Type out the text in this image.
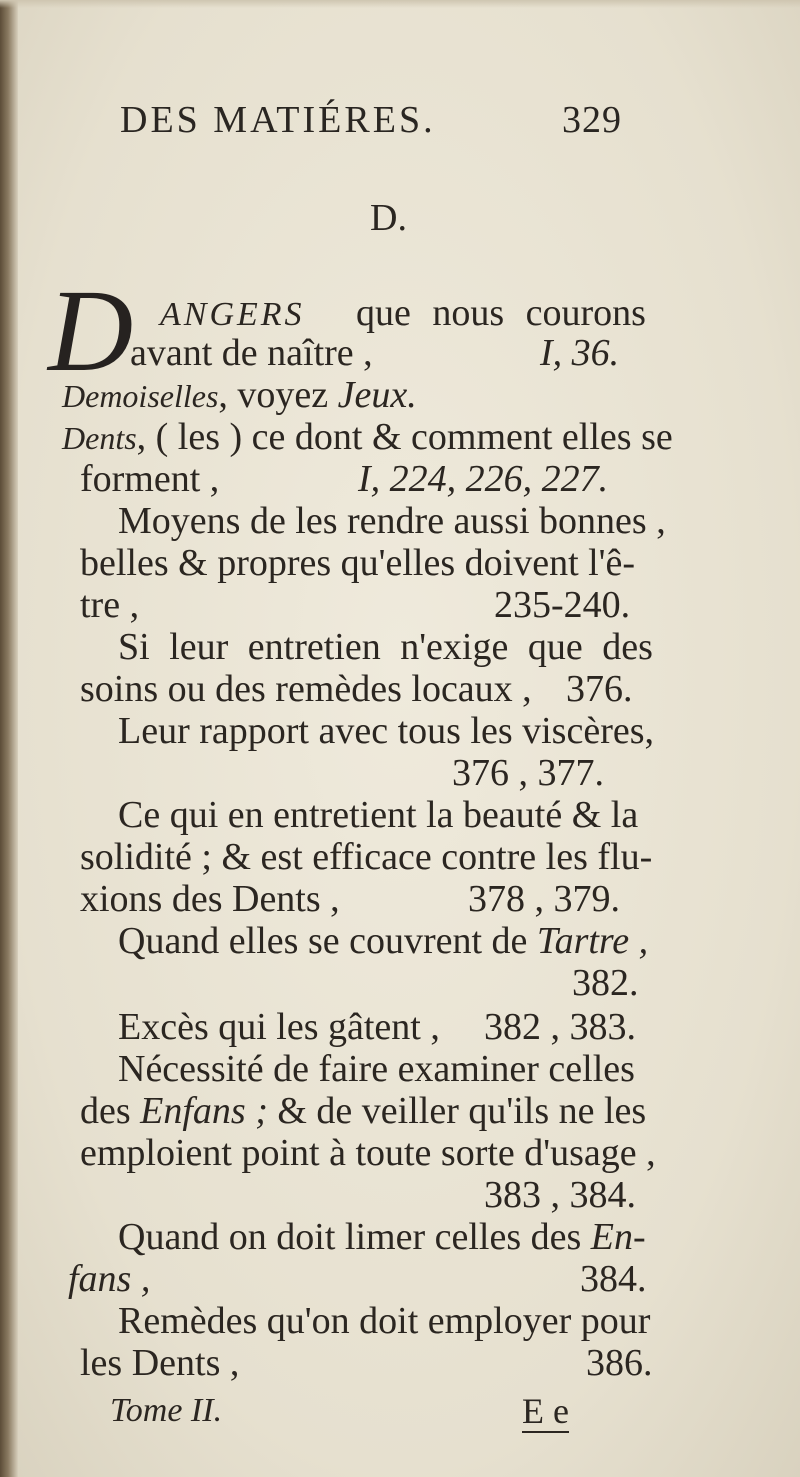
DES MATIÉRES.	329
D.
D ANGERS que nous courons
avant de naître ,	I, 36.
Demoiselles, voyez Jeux.
Dents, ( les ) ce dont & comment elles se
forment ,	I, 224, 226, 227.
Moyens de les rendre aussi bonnes ,
belles & propres qu'elles doivent l'ê-
tre ,	235-240.
Si leur entretien n'exige que des
soins ou des remèdes locaux , 376.
Leur rapport avec tous les viscères,
376 , 377.
Ce qui en entretient la beauté & la
solidité ; & est efficace contre les flu-
xions des Dents ,	378 , 379.
Quand elles se couvrent de Tartre ,
382.
Excès qui les gâtent , 382 , 383.
Nécessité de faire examiner celles
des Enfans ; & de veiller qu'ils ne les
emploient point à toute sorte d'usage ,
383 , 384.
Quand on doit limer celles des En-
fans ,	384.
Remèdes qu'on doit employer pour
les Dents ,	386.
Tome II.	E e
